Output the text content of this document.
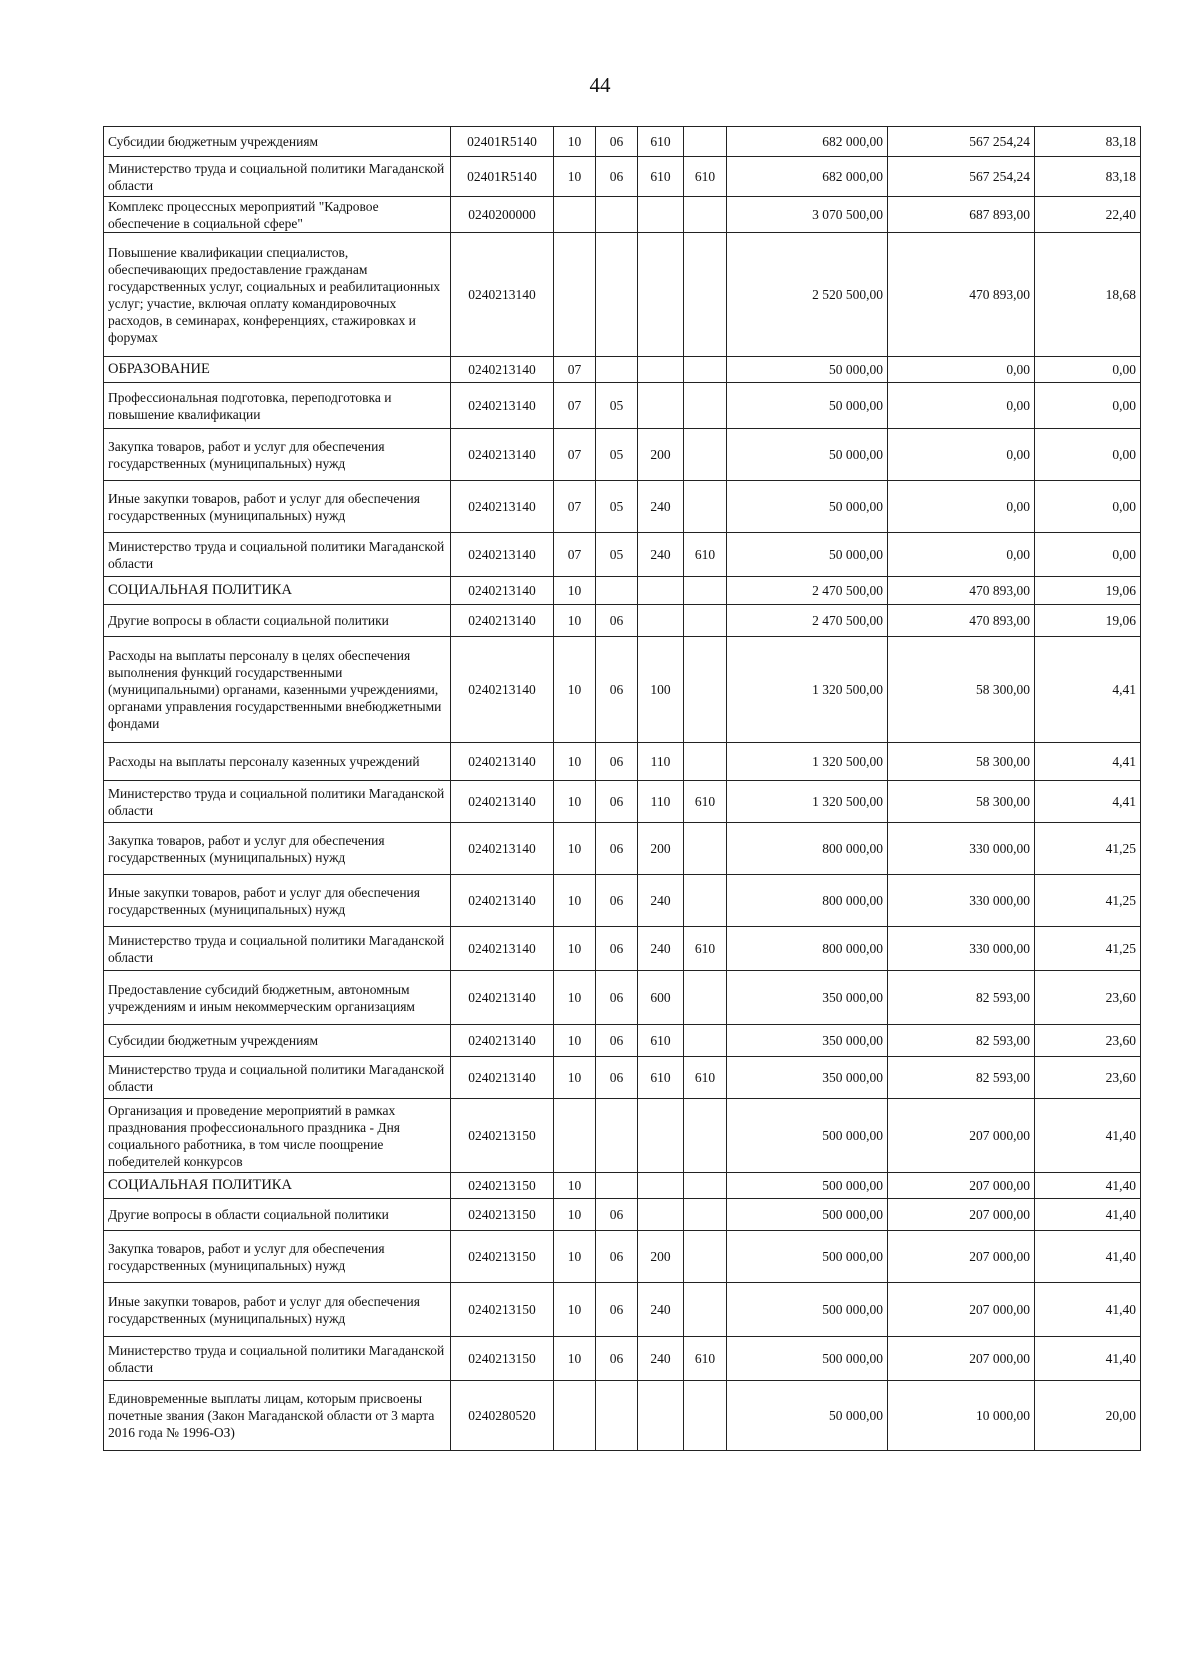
44
Субсидии бюджетным учреждениям	02401R5140	10	06	610		682 000,00	567 254,24	83,18
Министерство труда и социальной политики Магаданской области	02401R5140	10	06	610	610	682 000,00	567 254,24	83,18
Комплекс процессных мероприятий "Кадровое обеспечение в социальной сфере"	0240200000					3 070 500,00	687 893,00	22,40
Повышение квалификации специалистов, обеспечивающих предоставление гражданам государственных услуг, социальных и реабилитационных услуг; участие, включая оплату командировочных расходов, в семинарах, конференциях, стажировках и форумах	0240213140					2 520 500,00	470 893,00	18,68
ОБРАЗОВАНИЕ	0240213140	07				50 000,00	0,00	0,00
Профессиональная подготовка, переподготовка и повышение квалификации	0240213140	07	05			50 000,00	0,00	0,00
Закупка товаров, работ и услуг для обеспечения государственных (муниципальных) нужд	0240213140	07	05	200		50 000,00	0,00	0,00
Иные закупки товаров, работ и услуг для обеспечения государственных (муниципальных) нужд	0240213140	07	05	240		50 000,00	0,00	0,00
Министерство труда и социальной политики Магаданской области	0240213140	07	05	240	610	50 000,00	0,00	0,00
СОЦИАЛЬНАЯ ПОЛИТИКА	0240213140	10				2 470 500,00	470 893,00	19,06
Другие вопросы в области социальной политики	0240213140	10	06			2 470 500,00	470 893,00	19,06
Расходы на выплаты персоналу в целях обеспечения выполнения функций государственными (муниципальными) органами, казенными учреждениями, органами управления государственными внебюджетными фондами	0240213140	10	06	100		1 320 500,00	58 300,00	4,41
Расходы на выплаты персоналу казенных учреждений	0240213140	10	06	110		1 320 500,00	58 300,00	4,41
Министерство труда и социальной политики Магаданской области	0240213140	10	06	110	610	1 320 500,00	58 300,00	4,41
Закупка товаров, работ и услуг для обеспечения государственных (муниципальных) нужд	0240213140	10	06	200		800 000,00	330 000,00	41,25
Иные закупки товаров, работ и услуг для обеспечения государственных (муниципальных) нужд	0240213140	10	06	240		800 000,00	330 000,00	41,25
Министерство труда и социальной политики Магаданской области	0240213140	10	06	240	610	800 000,00	330 000,00	41,25
Предоставление субсидий бюджетным, автономным учреждениям и иным некоммерческим организациям	0240213140	10	06	600		350 000,00	82 593,00	23,60
Субсидии бюджетным учреждениям	0240213140	10	06	610		350 000,00	82 593,00	23,60
Министерство труда и социальной политики Магаданской области	0240213140	10	06	610	610	350 000,00	82 593,00	23,60
Организация и проведение мероприятий в рамках празднования профессионального праздника - Дня социального работника, в том числе поощрение победителей конкурсов	0240213150					500 000,00	207 000,00	41,40
СОЦИАЛЬНАЯ ПОЛИТИКА	0240213150	10				500 000,00	207 000,00	41,40
Другие вопросы в области социальной политики	0240213150	10	06			500 000,00	207 000,00	41,40
Закупка товаров, работ и услуг для обеспечения государственных (муниципальных) нужд	0240213150	10	06	200		500 000,00	207 000,00	41,40
Иные закупки товаров, работ и услуг для обеспечения государственных (муниципальных) нужд	0240213150	10	06	240		500 000,00	207 000,00	41,40
Министерство труда и социальной политики Магаданской области	0240213150	10	06	240	610	500 000,00	207 000,00	41,40
Единовременные выплаты лицам, которым присвоены почетные звания (Закон Магаданской области от 3 марта 2016 года № 1996-ОЗ)	0240280520					50 000,00	10 000,00	20,00
